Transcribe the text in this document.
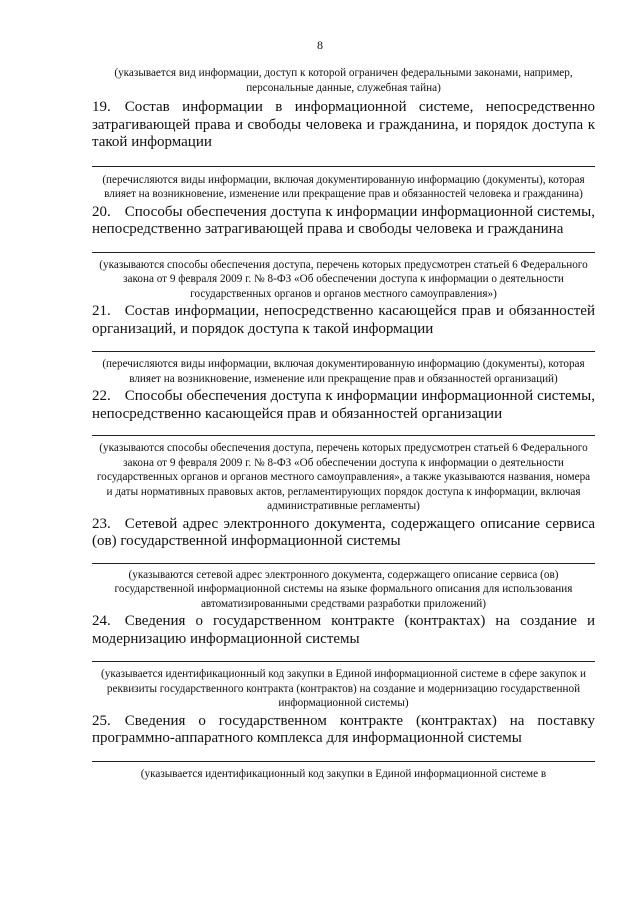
8

(указывается вид информации, доступ к которой ограничен федеральными законами, например, персональные данные, служебная тайна)

19. Состав информации в информационной системе, непосредственно затрагивающей права и свободы человека и гражданина, и порядок доступа к такой информации

(перечисляются виды информации, включая документированную информацию (документы), которая влияет на возникновение, изменение или прекращение прав и обязанностей человека и гражданина)

20. Способы обеспечения доступа к информации информационной системы, непосредственно затрагивающей права и свободы человека и гражданина

(указываются способы обеспечения доступа, перечень которых предусмотрен статьей 6 Федерального закона от 9 февраля 2009 г. № 8-ФЗ «Об обеспечении доступа к информации о деятельности государственных органов и органов местного самоуправления»)

21. Состав информации, непосредственно касающейся прав и обязанностей организаций, и порядок доступа к такой информации

(перечисляются виды информации, включая документированную информацию (документы), которая влияет на возникновение, изменение или прекращение прав и обязанностей организаций)

22. Способы обеспечения доступа к информации информационной системы, непосредственно касающейся прав и обязанностей организации

(указываются способы обеспечения доступа, перечень которых предусмотрен статьей 6 Федерального закона от 9 февраля 2009 г. № 8-ФЗ «Об обеспечении доступа к информации о деятельности государственных органов и органов местного самоуправления», а также указываются названия, номера и даты нормативных правовых актов, регламентирующих порядок доступа к информации, включая административные регламенты)

23. Сетевой адрес электронного документа, содержащего описание сервиса (ов) государственной информационной системы

(указываются сетевой адрес электронного документа, содержащего описание сервиса (ов) государственной информационной системы на языке формального описания для использования автоматизированными средствами разработки приложений)

24. Сведения о государственном контракте (контрактах) на создание и модернизацию информационной системы

(указывается идентификационный код закупки в Единой информационной системе в сфере закупок и реквизиты государственного контракта (контрактов) на создание и модернизацию государственной информационной системы)

25. Сведения о государственном контракте (контрактах) на поставку программно-аппаратного комплекса для информационной системы

(указывается идентификационный код закупки в Единой информационной системе в
